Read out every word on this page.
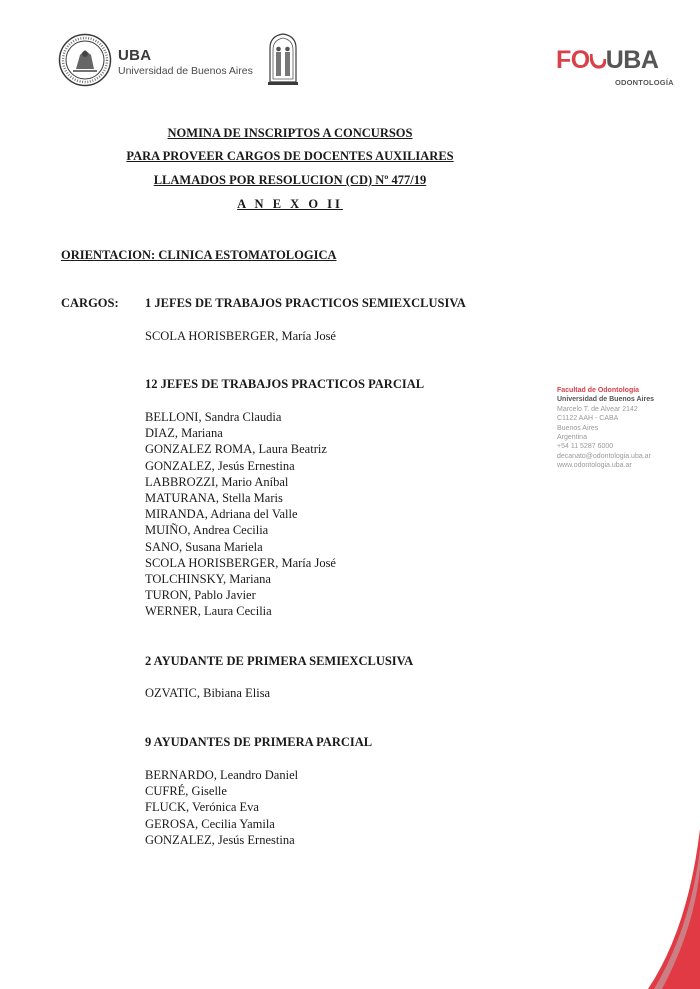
UBA
Universidad de Buenos Aires	FO UBA
ODONTOLOGÍA
NOMINA DE INSCRIPTOS A CONCURSOS
PARA PROVEER CARGOS DE DOCENTES AUXILIARES
LLAMADOS POR RESOLUCION (CD) Nº 477/19
A N E X O II
ORIENTACION: CLINICA ESTOMATOLOGICA
CARGOS: 1 JEFES DE TRABAJOS PRACTICOS SEMIEXCLUSIVA
SCOLA HORISBERGER, María José
12 JEFES DE TRABAJOS PRACTICOS PARCIAL
BELLONI, Sandra Claudia
DIAZ, Mariana
GONZALEZ ROMA, Laura Beatriz
GONZALEZ, Jesús Ernestina
LABBROZZI, Mario Aníbal
MATURANA, Stella Maris
MIRANDA, Adriana del Valle
MUIÑO, Andrea Cecilia
SANO, Susana Mariela
SCOLA HORISBERGER, María José
TOLCHINSKY, Mariana
TURON, Pablo Javier
WERNER, Laura Cecilia
2 AYUDANTE DE PRIMERA SEMIEXCLUSIVA
OZVATIC, Bibiana Elisa
9 AYUDANTES DE PRIMERA PARCIAL
BERNARDO, Leandro Daniel
CUFRÉ, Giselle
FLUCK, Verónica Eva
GEROSA, Cecilia Yamila
GONZALEZ, Jesús Ernestina
Facultad de Odontología
Universidad de Buenos Aires
Marcelo T. de Alvear 2142
C1122 AAH - CABA
Buenos Aires
Argentina
+54 11 5287 6000
decanato@odontologia.uba.ar
www.odontologia.uba.ar
